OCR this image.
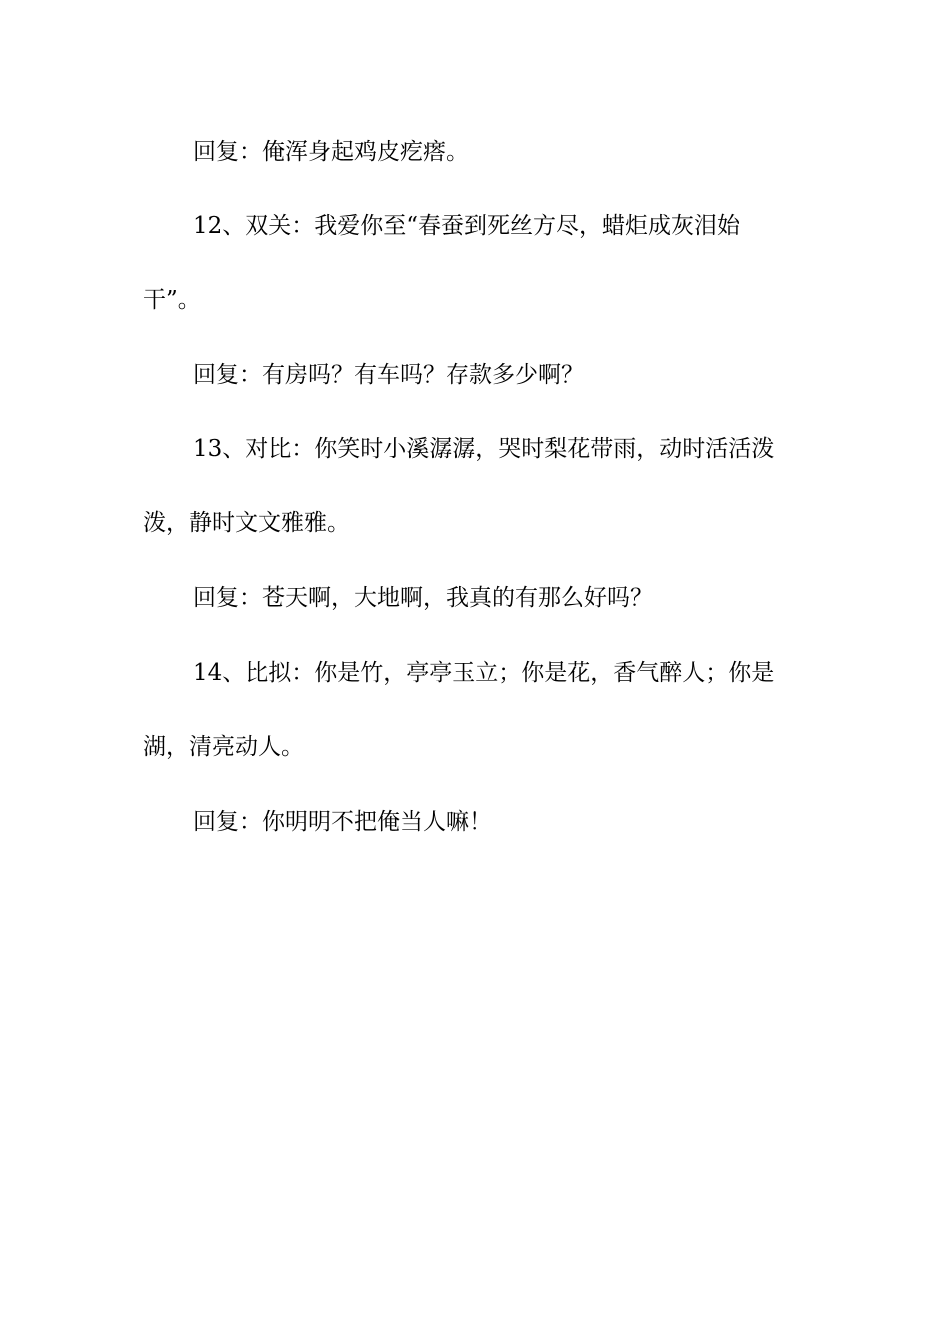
回复：俺浑身起鸡皮疙瘩。
12、双关：我爱你至“春蚕到死丝方尽，蜡炬成灰泪始
干”。
回复：有房吗？有车吗？存款多少啊？
13、对比：你笑时小溪潺潺，哭时梨花带雨，动时活活泼
泼，静时文文雅雅。
回复：苍天啊，大地啊，我真的有那么好吗？
14、比拟：你是竹，亭亭玉立；你是花，香气醉人；你是
湖，清亮动人。
回复：你明明不把俺当人嘛！
